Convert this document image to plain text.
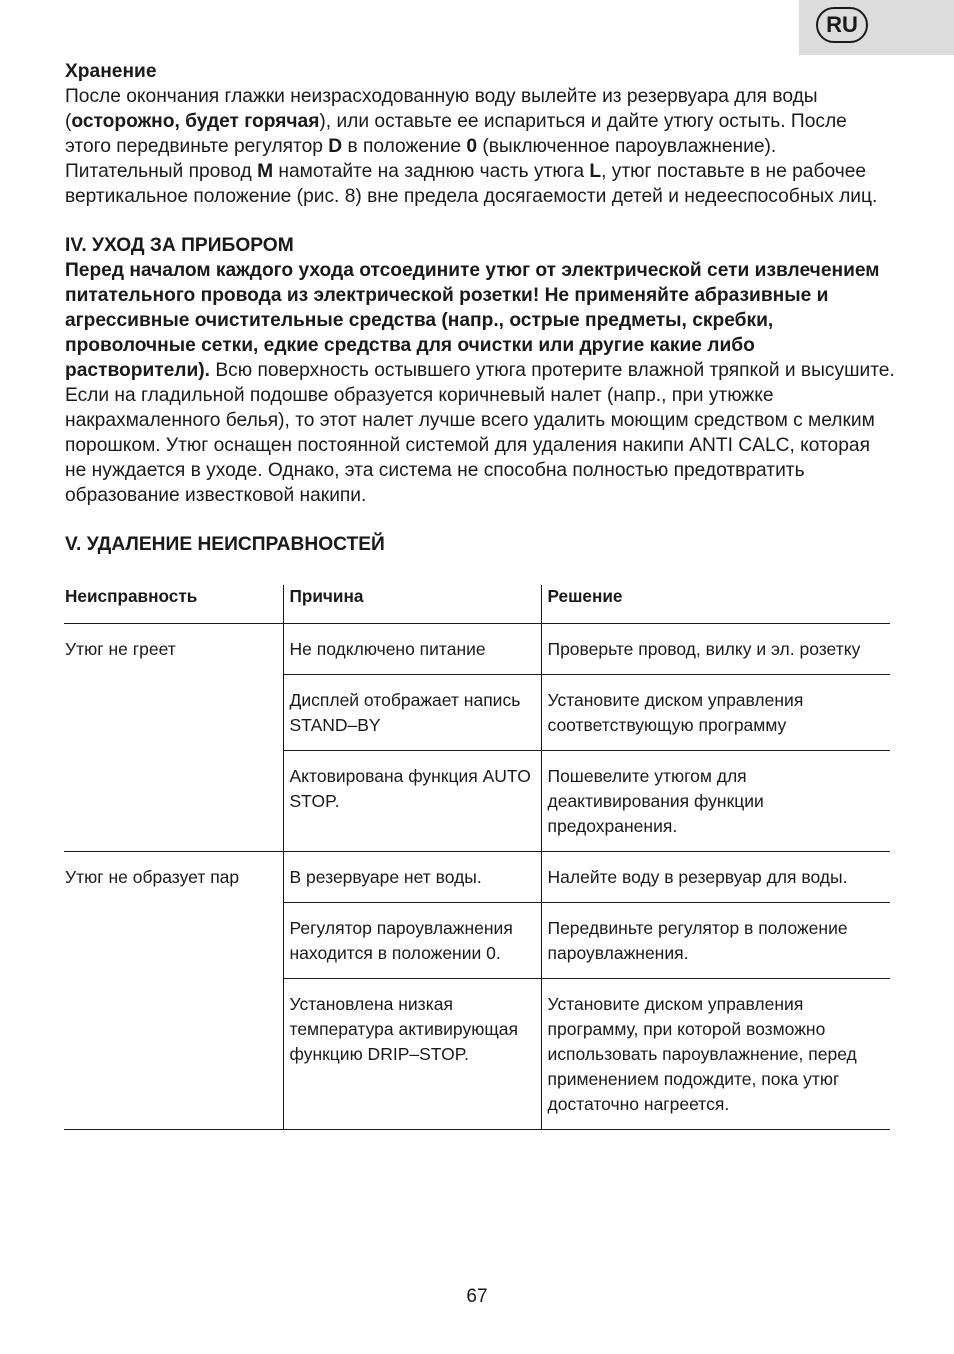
RU

Хранение

После окончания глажки неизрасходованную воду вылейте из резервуара для воды (осторожно, будет горячая), или оставьте ее испариться и дайте утюгу остыть. После этого передвиньте регулятор D в положение 0 (выключенное пароувлажнение). Питательный провод M намотайте на заднюю часть утюга L, утюг поставьте в не рабочее вертикальное положение (рис. 8) вне предела досягаемости детей и недееспособных лиц.

IV. УХОД ЗА ПРИБОРОМ

Перед началом каждого ухода отсоедините утюг от электрической сети извлечением питательного провода из электрической розетки! Не применяйте абразивные и агрессивные очистительные средства (напр., острые предметы, скребки, проволочные сетки, едкие средства для очистки или другие какие либо растворители). Всю поверхность остывшего утюга протерите влажной тряпкой и высушите. Если на гладильной подошве образуется коричневый налет (напр., при утюжке накрахмаленного белья), то этот налет лучше всего удалить моющим средством с мелким порошком. Утюг оснащен постоянной системой для удаления накипи ANTI CALC, которая не нуждается в уходе. Однако, эта система не способна полностью предотвратить образование известковой накипи.

V. УДАЛЕНИЕ НЕИСПРАВНОСТЕЙ

Неисправность	Причина	Решение
Утюг не греет	Не подключено питание	Проверьте провод, вилку и эл. розетку
	Дисплей отображает напись STAND–BY	Установите диском управления соответствующую программу
	Актовирована функция AUTO STOP.	Пошевелите утюгом для деактивирования функции предохранения.
Утюг не образует пар	В резервуаре нет воды.	Налейте воду в резервуар для воды.
	Регулятор пароувлажнения находится в положении 0.	Передвиньте регулятор в положение пароувлажнения.
	Установлена низкая температура активирующая функцию DRIP–STOP.	Установите диском управления программу, при которой возможно использовать пароувлажнение, перед применением подождите, пока утюг достаточно нагреется.
67
